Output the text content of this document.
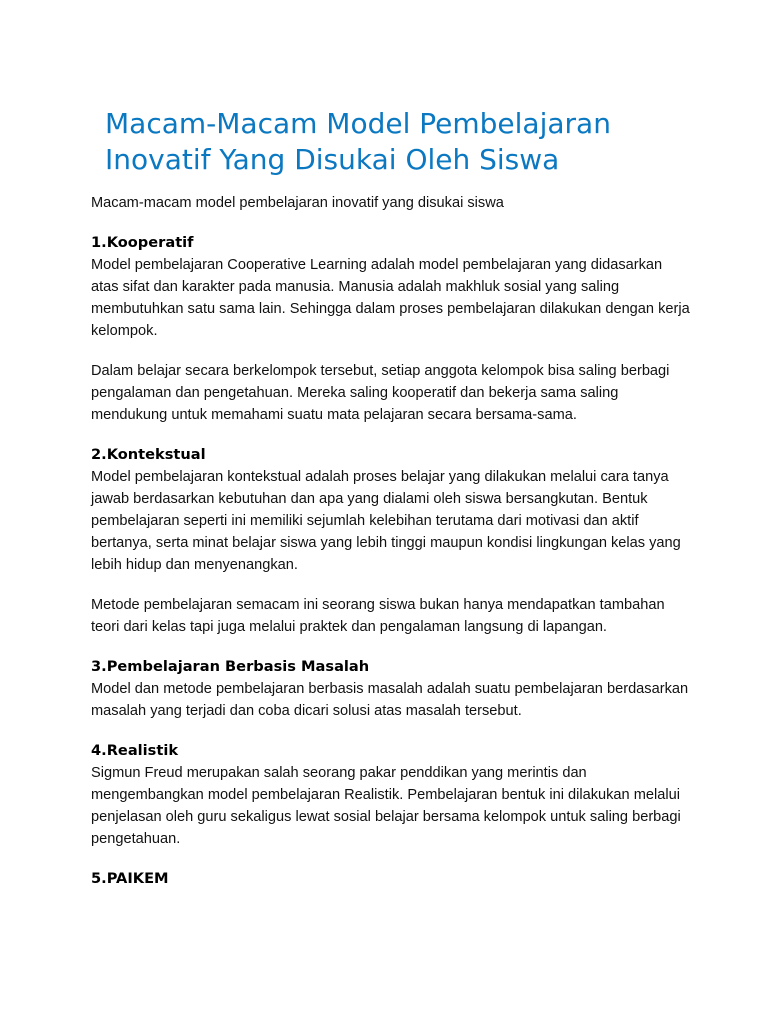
Macam-Macam Model Pembelajaran Inovatif Yang Disukai Oleh Siswa

Macam-macam model pembelajaran inovatif yang disukai siswa

1.Kooperatif

Model pembelajaran Cooperative Learning adalah model pembelajaran yang didasarkan atas sifat dan karakter pada manusia. Manusia adalah makhluk sosial yang saling membutuhkan satu sama lain. Sehingga dalam proses pembelajaran dilakukan dengan kerja kelompok.

Dalam belajar secara berkelompok tersebut, setiap anggota kelompok bisa saling berbagi pengalaman dan pengetahuan. Mereka saling kooperatif dan bekerja sama saling mendukung untuk memahami suatu mata pelajaran secara bersama-sama.

2.Kontekstual

Model pembelajaran kontekstual adalah proses belajar yang dilakukan melalui cara tanya jawab berdasarkan kebutuhan dan apa yang dialami oleh siswa bersangkutan. Bentuk pembelajaran seperti ini memiliki sejumlah kelebihan terutama dari motivasi dan aktif bertanya, serta minat belajar siswa yang lebih tinggi maupun kondisi lingkungan kelas yang lebih hidup dan menyenangkan.

Metode pembelajaran semacam ini seorang siswa bukan hanya mendapatkan tambahan teori dari kelas tapi juga melalui praktek dan pengalaman langsung di lapangan.

3.Pembelajaran Berbasis Masalah

Model dan metode pembelajaran berbasis masalah adalah suatu pembelajaran berdasarkan masalah yang terjadi dan coba dicari solusi atas masalah tersebut.

4.Realistik

Sigmun Freud merupakan salah seorang pakar penddikan yang merintis dan mengembangkan model pembelajaran Realistik. Pembelajaran bentuk ini dilakukan melalui penjelasan oleh guru sekaligus lewat sosial belajar bersama kelompok untuk saling berbagi pengetahuan.

5.PAIKEM
